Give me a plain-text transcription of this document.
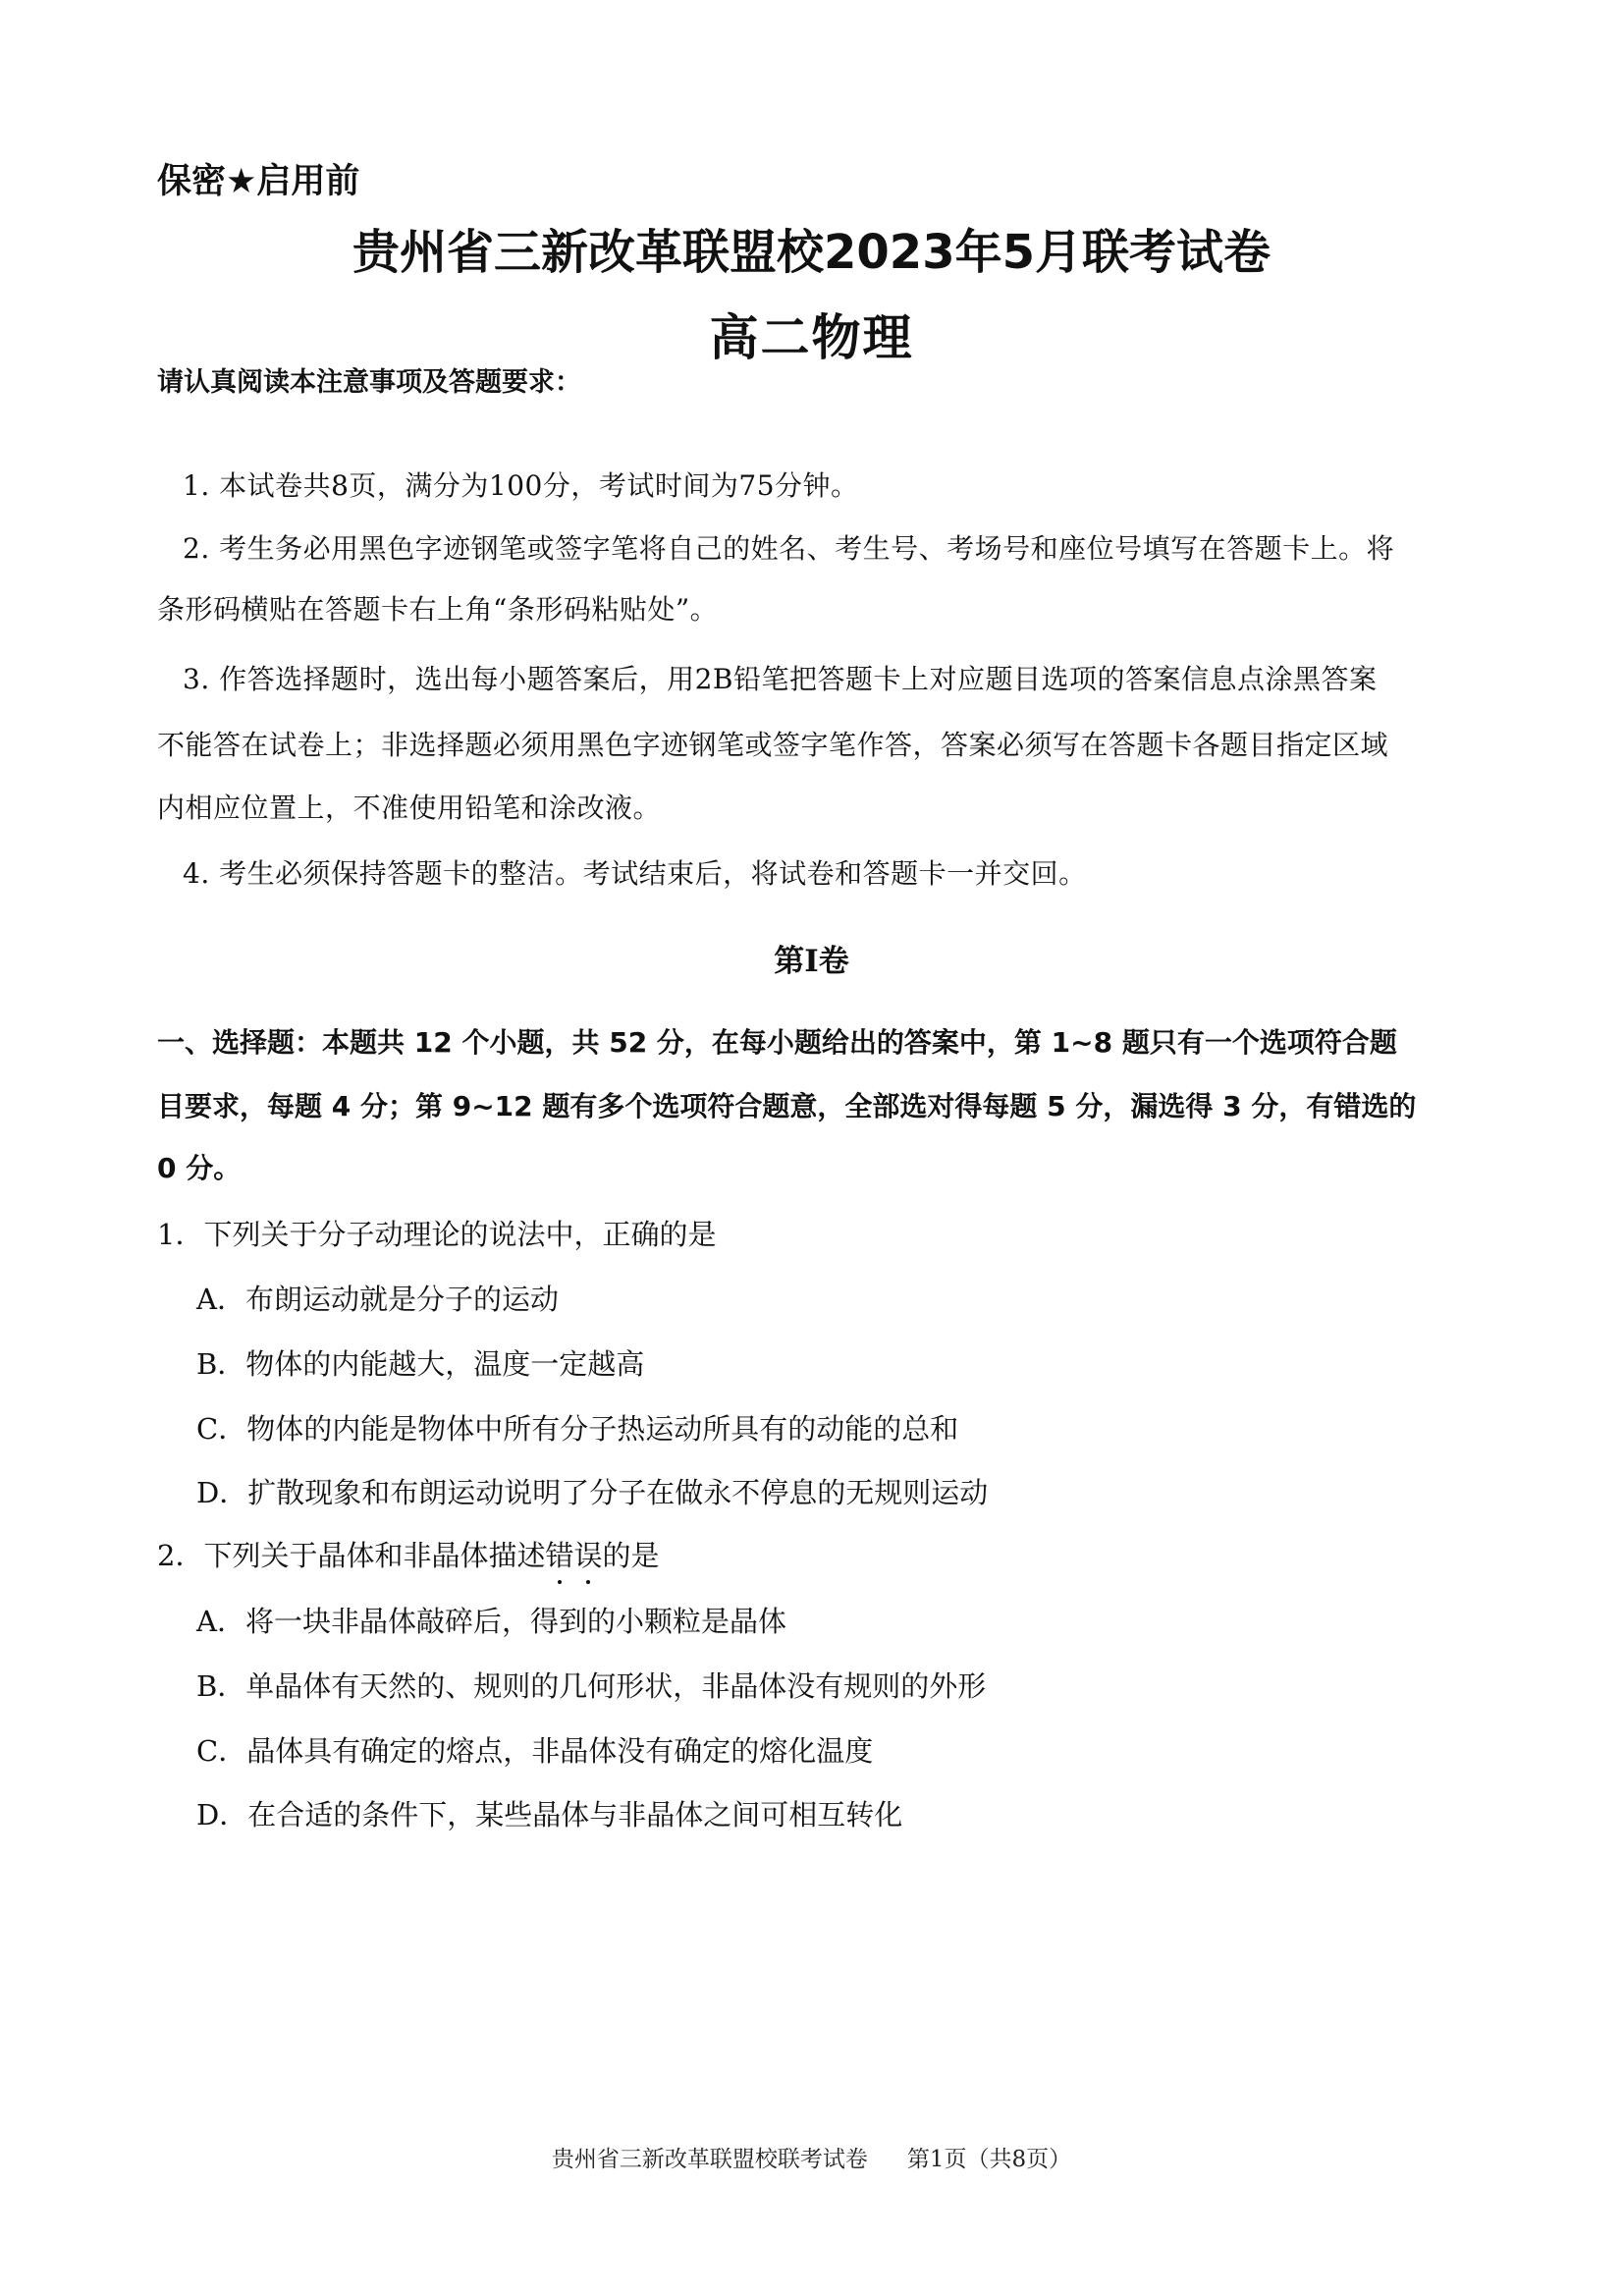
保密★启用前
贵州省三新改革联盟校2023年5月联考试卷
高二物理
请认真阅读本注意事项及答题要求：
1. 本试卷共8页，满分为100分，考试时间为75分钟。
2. 考生务必用黑色字迹钢笔或签字笔将自己的姓名、考生号、考场号和座位号填写在答题卡上。将
条形码横贴在答题卡右上角“条形码粘贴处”。
3. 作答选择题时，选出每小题答案后，用2B铅笔把答题卡上对应题目选项的答案信息点涂黑答案
不能答在试卷上；非选择题必须用黑色字迹钢笔或签字笔作答，答案必须写在答题卡各题目指定区域
内相应位置上，不准使用铅笔和涂改液。
4. 考生必须保持答题卡的整洁。考试结束后，将试卷和答题卡一并交回。
第I卷
一、选择题：本题共 12 个小题，共 52 分，在每小题给出的答案中，第 1~8 题只有一个选项符合题
目要求，每题 4 分；第 9~12 题有多个选项符合题意，全部选对得每题 5 分，漏选得 3 分，有错选的
0 分。
1．下列关于分子动理论的说法中，正确的是
A．布朗运动就是分子的运动
B．物体的内能越大，温度一定越高
C．物体的内能是物体中所有分子热运动所具有的动能的总和
D．扩散现象和布朗运动说明了分子在做永不停息的无规则运动
2．下列关于晶体和非晶体描述错误的是
A．将一块非晶体敲碎后，得到的小颗粒是晶体
B．单晶体有天然的、规则的几何形状，非晶体没有规则的外形
C．晶体具有确定的熔点，非晶体没有确定的熔化温度
D．在合适的条件下，某些晶体与非晶体之间可相互转化
贵州省三新改革联盟校联考试卷 第1页（共8页）
